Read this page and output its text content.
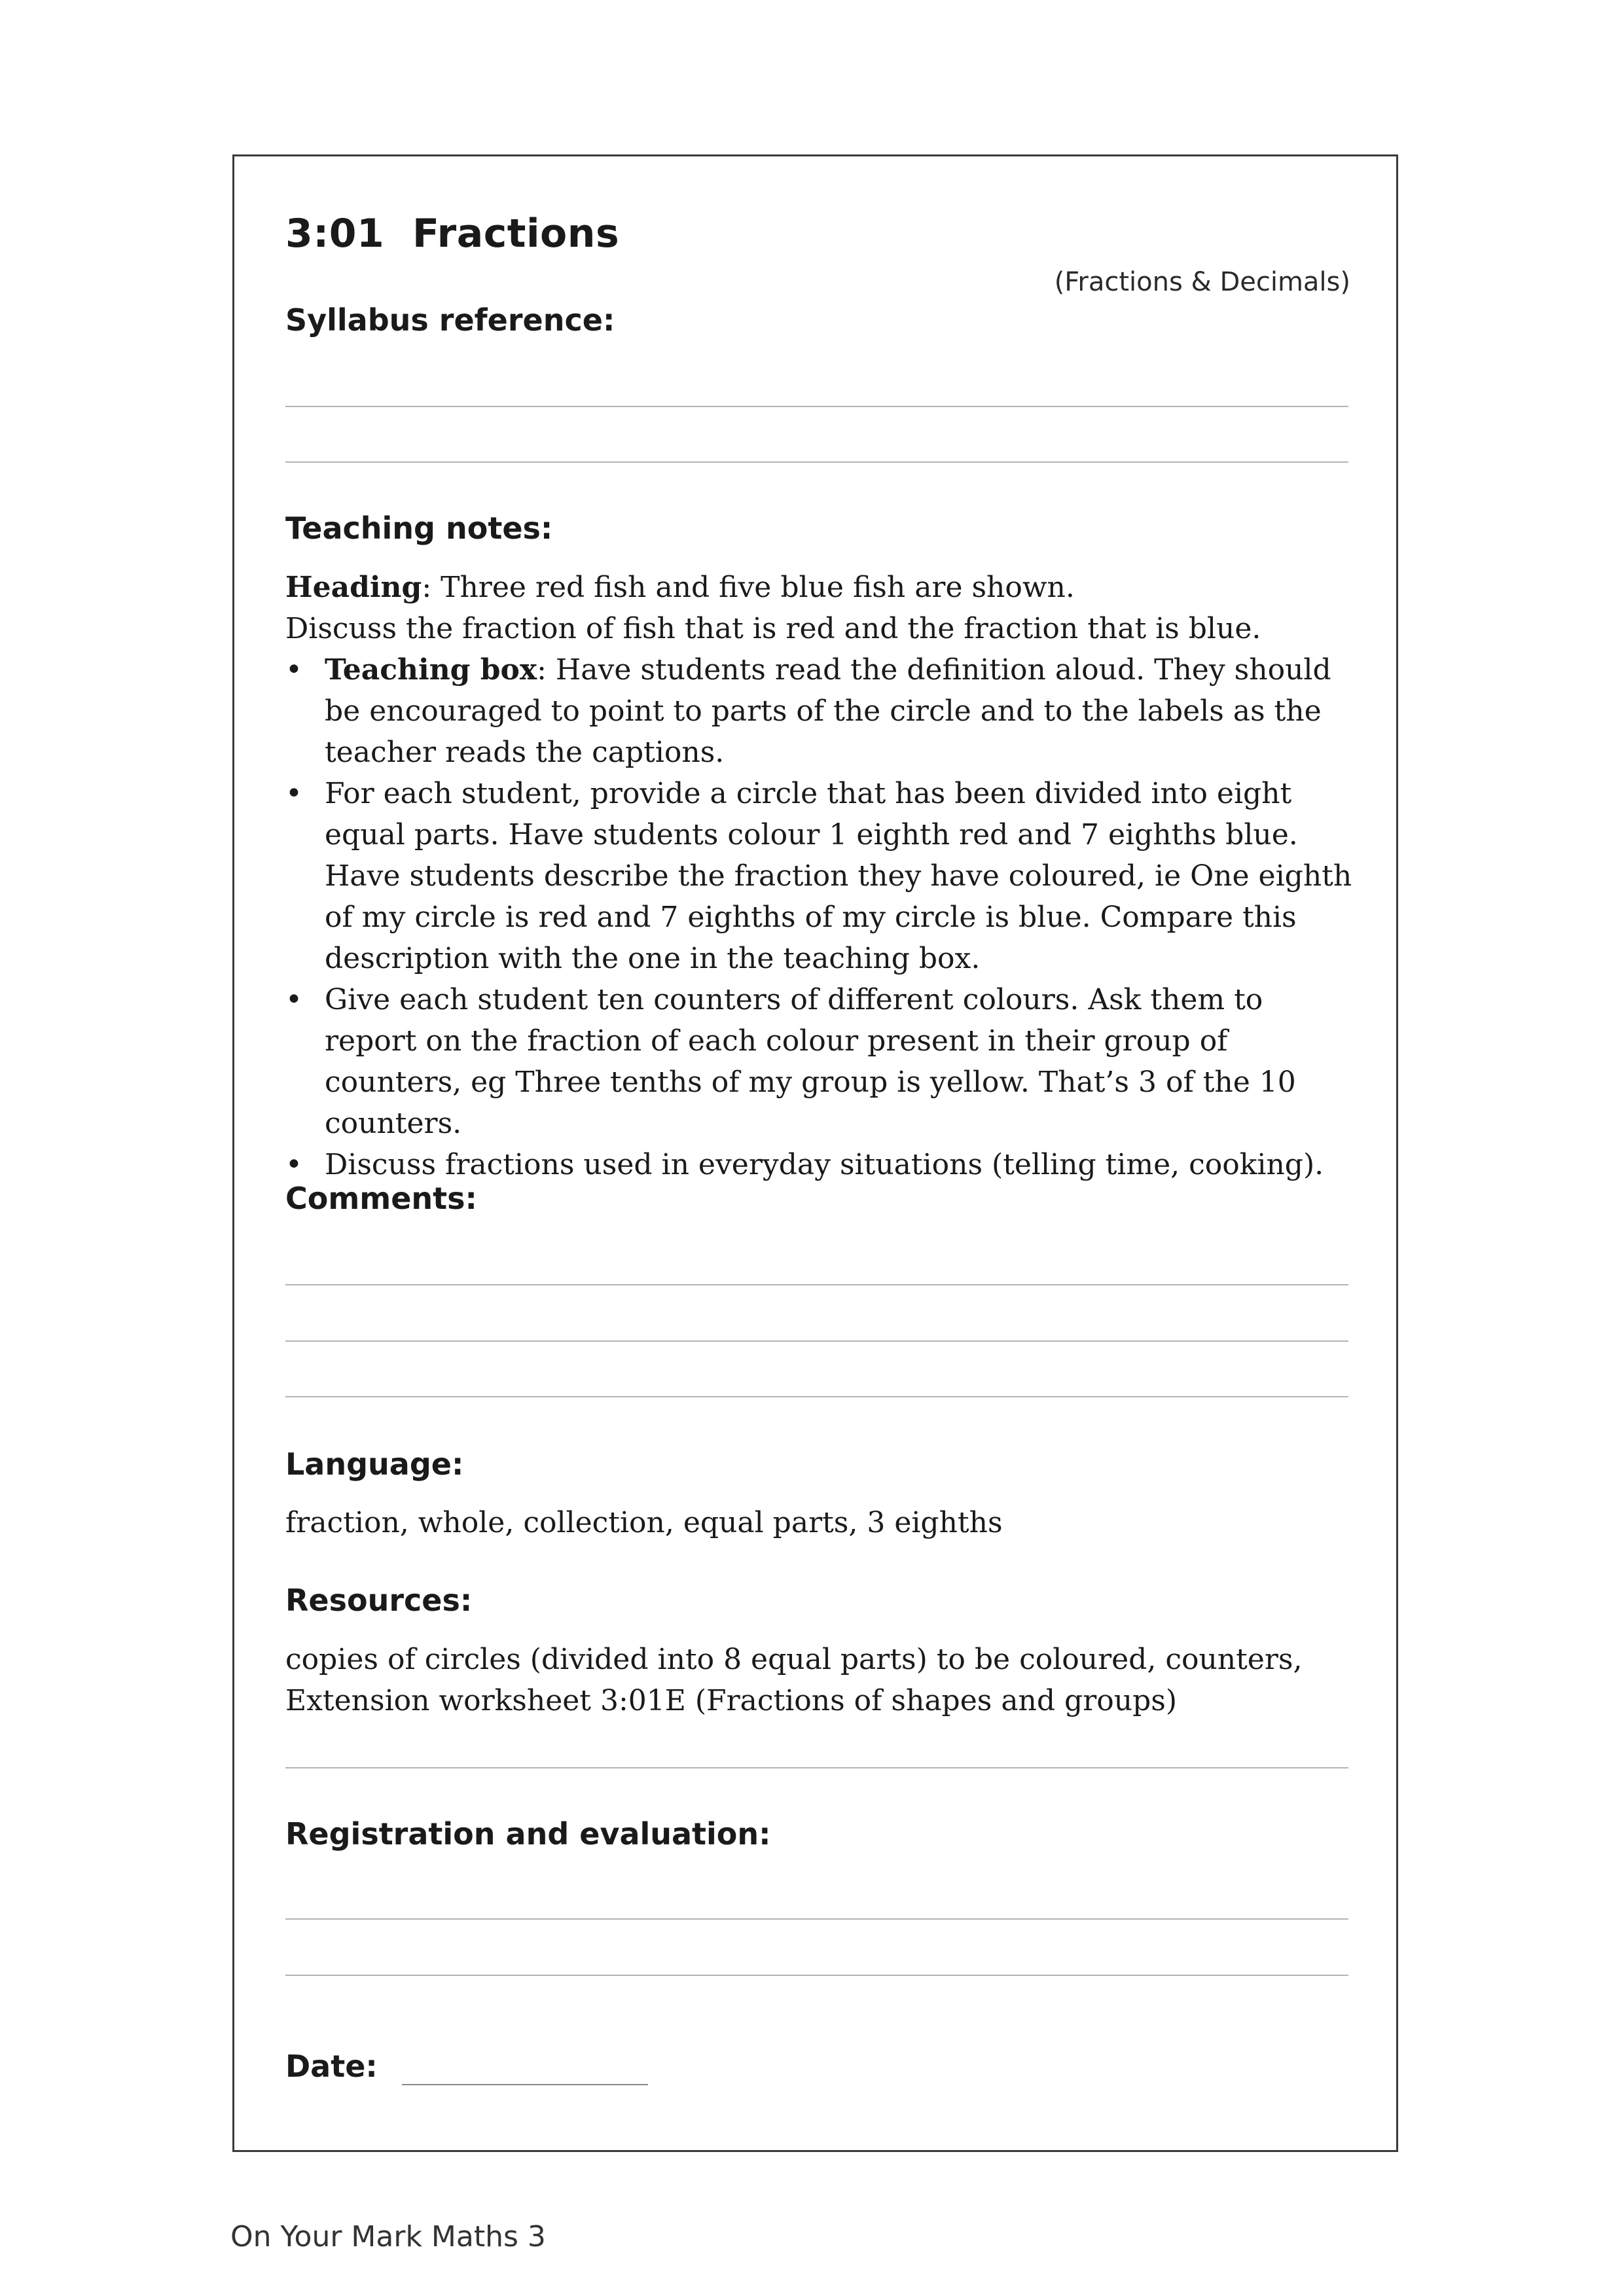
3:01  Fractions
(Fractions & Decimals)
Syllabus reference:
Teaching notes:

Heading: Three red fish and five blue fish are shown.

Discuss the fraction of fish that is red and the fraction that is blue.

• Teaching box: Have students read the definition aloud. They should be encouraged to point to parts of the circle and to the labels as the teacher reads the captions.
• For each student, provide a circle that has been divided into eight equal parts. Have students colour 1 eighth red and 7 eighths blue. Have students describe the fraction they have coloured, ie One eighth of my circle is red and 7 eighths of my circle is blue. Compare this description with the one in the teaching box.
• Give each student ten counters of different colours. Ask them to report on the fraction of each colour present in their group of counters, eg Three tenths of my group is yellow. That’s 3 of the 10 counters.
• Discuss fractions used in everyday situations (telling time, cooking).
Comments:
Language:
fraction, whole, collection, equal parts, 3 eighths
Resources:

copies of circles (divided into 8 equal parts) to be coloured, counters,

Extension worksheet 3:01E (Fractions of shapes and groups)

Registration and evaluation:
Date:
On Your Mark Maths 3
